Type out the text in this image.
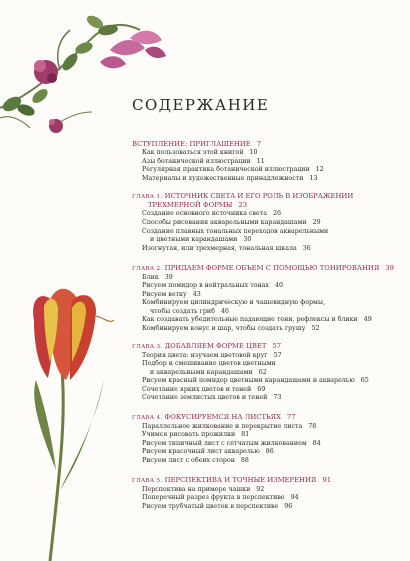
СОДЕРЖАНИЕ
ВСТУПЛЕНИЕ: ПРИГЛАШЕНИЕ 7
Как пользоваться этой книгой 10
Азы ботанической иллюстрации 11
Регулярная практика ботанической иллюстрации 12
Материалы и художественные принадлежности 13
ГЛАВА 1. ИСТОЧНИК СВЕТА И ЕГО РОЛЬ В ИЗОБРАЖЕНИИ
ТРЕХМЕРНОЙ ФОРМЫ 23
Создание основного источника света 26
Способы рисования акварельными карандашами 29
Создание плавных тональных переходов акварельными
и цветными карандашами 30
Изогнутая, или трехмерная, тональная шкала 36
ГЛАВА 2. ПРИДАЕМ ФОРМЕ ОБЪЕМ С ПОМОЩЬЮ ТОНИРОВАНИЯ 39
Блик 39
Рисуем помидор в нейтральных тонах 40
Рисуем ветку 43
Комбинируем цилиндрическую и чашевидную формы,
чтобы создать гриб 46
Как создавать убедительные падающие тени, рефлексы и блики 49
Комбинируем конус и шар, чтобы создать грушу 52
ГЛАВА 3. ДОБАВЛЯЕМ ФОРМЕ ЦВЕТ 57
Теория цвета: изучаем цветовой круг 57
Подбор и смешивание цветов цветными
и акварельными карандашами 62
Рисуем красный помидор цветными карандашами и акварелью 65
Сочетание ярких цветов и теней 69
Сочетание землистых цветов и теней 73
ГЛАВА 4. ФОКУСИРУЕМСЯ НА ЛИСТЬЯХ 77
Параллельное жилкование и перекрытие листа 78
Учимся рисовать прожилки 81
Рисуем типичный лист с сетчатым жилкованием 84
Рисуем красочный лист акварелью 86
Рисуем лист с обеих сторон 88
ГЛАВА 5. ПЕРСПЕКТИВА И ТОЧНЫЕ ИЗМЕРЕНИЯ 91
Перспектива на примере чашки 92
Поперечный разрез фрукта в перспективе 94
Рисуем трубчатый цветок в перспективе 96
